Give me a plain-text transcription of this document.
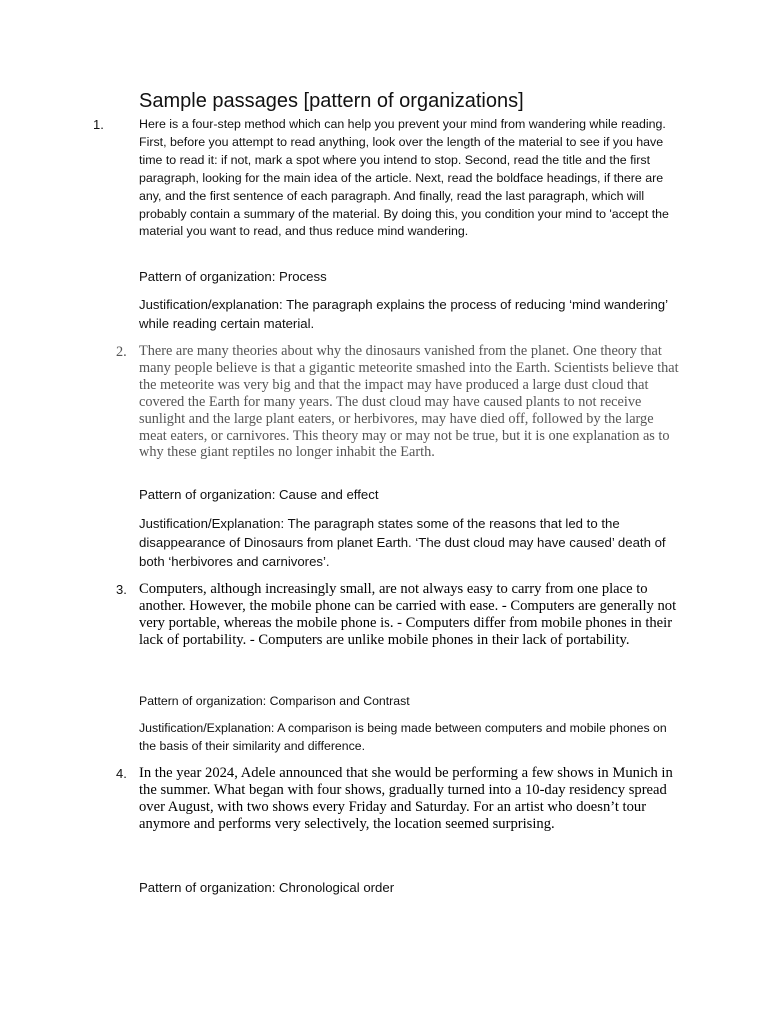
Sample passages [pattern of organizations]
1.	Here is a four-step method which can help you prevent your mind from wandering while reading. First, before you attempt to read anything, look over the length of the material to see if you have time to read it: if not, mark a spot where you intend to stop. Second, read the title and the first paragraph, looking for the main idea of the article. Next, read the boldface headings, if there are any, and the first sentence of each paragraph. And finally, read the last paragraph, which will probably contain a summary of the material. By doing this, you condition your mind to 'accept the material you want to read, and thus reduce mind wandering.
Pattern of organization: Process
Justification/explanation: The paragraph explains the process of reducing ‘mind wandering’ while reading certain material.
2. There are many theories about why the dinosaurs vanished from the planet. One theory that many people believe is that a gigantic meteorite smashed into the Earth. Scientists believe that the meteorite was very big and that the impact may have produced a large dust cloud that covered the Earth for many years. The dust cloud may have caused plants to not receive sunlight and the large plant eaters, or herbivores, may have died off, followed by the large meat eaters, or carnivores. This theory may or may not be true, but it is one explanation as to why these giant reptiles no longer inhabit the Earth.
Pattern of organization: Cause and effect
Justification/Explanation: The paragraph states some of the reasons that led to the disappearance of Dinosaurs from planet Earth. ‘The dust cloud may have caused’ death of both ‘herbivores and carnivores’.
3. Computers, although increasingly small, are not always easy to carry from one place to another. However, the mobile phone can be carried with ease. - Computers are generally not very portable, whereas the mobile phone is. - Computers differ from mobile phones in their lack of portability. - Computers are unlike mobile phones in their lack of portability.
Pattern of organization: Comparison and Contrast
Justification/Explanation: A comparison is being made between computers and mobile phones on the basis of their similarity and difference.
4. In the year 2024, Adele announced that she would be performing a few shows in Munich in the summer. What began with four shows, gradually turned into a 10-day residency spread over August, with two shows every Friday and Saturday. For an artist who doesn’t tour anymore and performs very selectively, the location seemed surprising.
Pattern of organization: Chronological order
